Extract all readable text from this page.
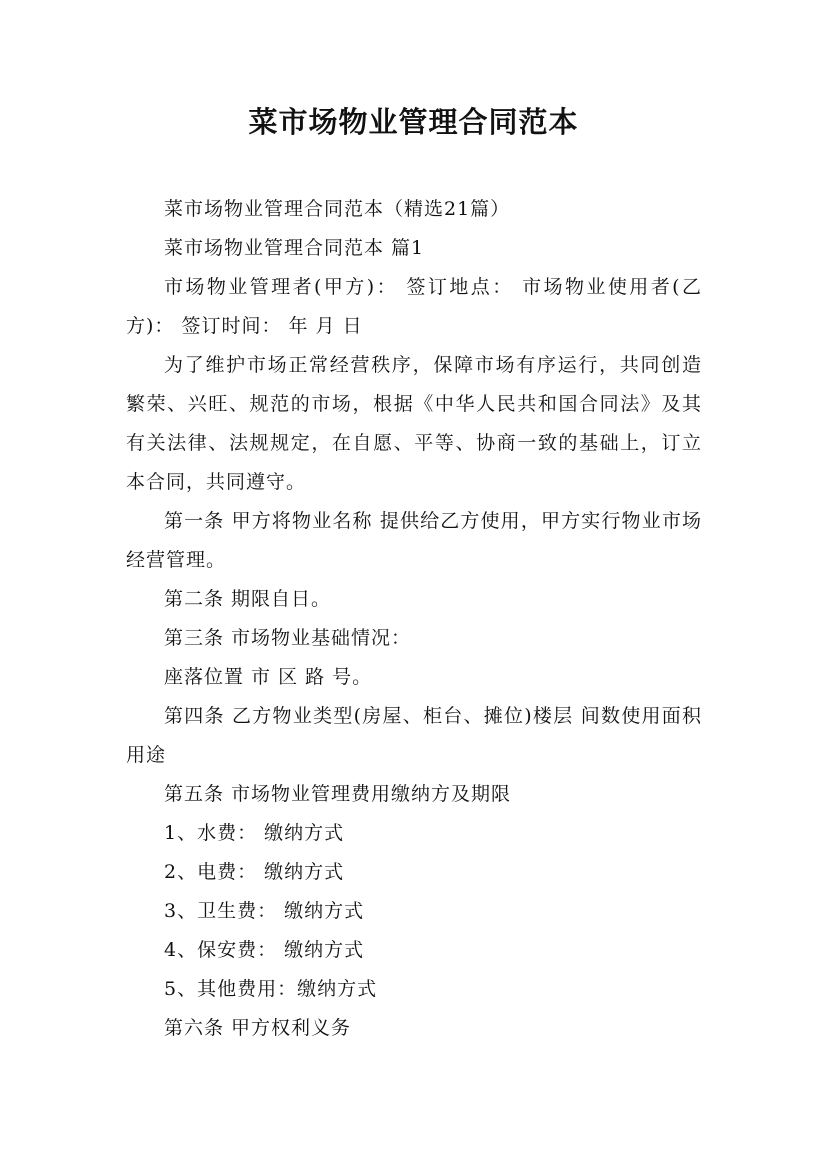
菜市场物业管理合同范本

菜市场物业管理合同范本（精选21篇）

菜市场物业管理合同范本 篇1

市场物业管理者(甲方)： 签订地点： 市场物业使用者(乙方)： 签订时间： 年 月 日

为了维护市场正常经营秩序，保障市场有序运行，共同创造繁荣、兴旺、规范的市场，根据《中华人民共和国合同法》及其有关法律、法规规定，在自愿、平等、协商一致的基础上，订立本合同，共同遵守。

第一条 甲方将物业名称 提供给乙方使用，甲方实行物业市场经营管理。

第二条 期限自日。

第三条 市场物业基础情况：

座落位置 市 区 路 号。

第四条 乙方物业类型(房屋、柜台、摊位)楼层 间数使用面积 用途

第五条 市场物业管理费用缴纳方及期限

1、水费： 缴纳方式

2、电费： 缴纳方式

3、卫生费： 缴纳方式

4、保安费： 缴纳方式

5、其他费用：缴纳方式

第六条 甲方权利义务
